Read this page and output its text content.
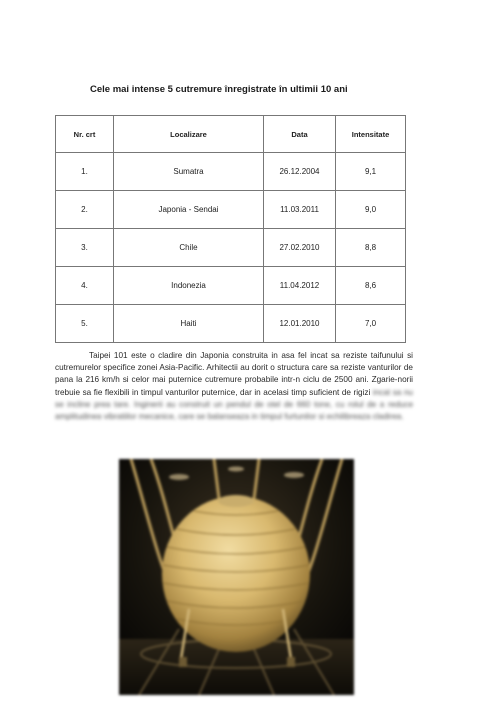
Cele mai intense 5 cutremure înregistrate în ultimii 10 ani
Nr. crt	Localizare	Data	Intensitate
1.	Sumatra	26.12.2004	9,1
2.	Japonia - Sendai	11.03.2011	9,0
3.	Chile	27.02.2010	8,8
4.	Indonezia	11.04.2012	8,6
5.	Haiti	12.01.2010	7,0
Taipei 101 este o cladire din Japonia construita in asa fel incat sa reziste taifunului si cutremurelor specifice zonei Asia-Pacific. Arhitectii au dorit o structura care sa reziste vanturilor de pana la 216 km/h si celor mai puternice cutremure probabile intr-n ciclu de 2500 ani. Zgarie-norii trebuie sa fie flexibili in timpul vanturilor puternice, dar in acelasi timp suficient de rigizi incat sa nu se incline prea tare. Inginerii au construit un pendul de otel de 660 tone, cu rolul de a reduce amplitudinea vibratiilor mecanice, care se balanseaza in timpul furtunilor si echilibreaza cladirea.
